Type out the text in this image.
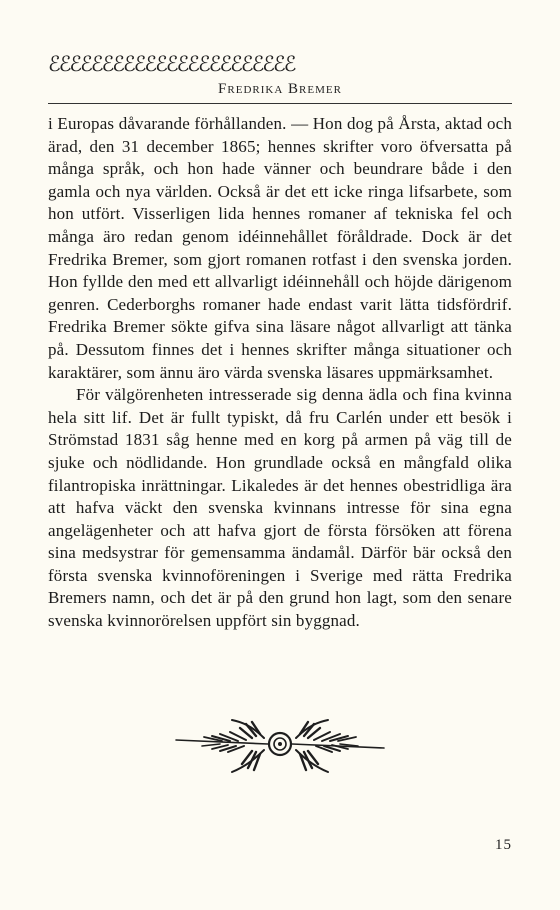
ℰℰℰℰℰℰℰℰℰℰℰℰℰℰℰℰℰℰℰℰℰℰℰ
Fredrika Bremer

i Europas dåvarande förhållanden. — Hon dog på Årsta, aktad och ärad, den 31 december 1865; hennes skrifter voro öfversatta på många språk, och hon hade vänner och beundrare både i den gamla och nya världen. Också är det ett icke ringa lifsarbete, som hon utfört. Visserligen lida hennes romaner af tekniska fel och många äro redan genom idéinnehållet föråldrade. Dock är det Fredrika Bremer, som gjort romanen rotfast i den svenska jorden. Hon fyllde den med ett allvarligt idéinnehåll och höjde därigenom genren. Cederborghs romaner hade endast varit lätta tidsfördrif. Fredrika Bremer sökte gifva sina läsare något allvarligt att tänka på. Dessutom finnes det i hennes skrifter många situationer och karaktärer, som ännu äro värda svenska läsares uppmärksamhet.

För välgörenheten intresserade sig denna ädla och fina kvinna hela sitt lif. Det är fullt typiskt, då fru Carlén under ett besök i Strömstad 1831 såg henne med en korg på armen på väg till de sjuke och nödlidande. Hon grundlade också en mångfald olika filantropiska inrättningar. Likaledes är det hennes obestridliga ära att hafva väckt den svenska kvinnans intresse för sina egna angelägenheter och att hafva gjort de första försöken att förena sina medsystrar för gemensamma ändamål. Därför bär också den första svenska kvinnoföreningen i Sverige med rätta Fredrika Bremers namn, och det är på den grund hon lagt, som den senare svenska kvinnorörelsen uppfört sin byggnad.

15
